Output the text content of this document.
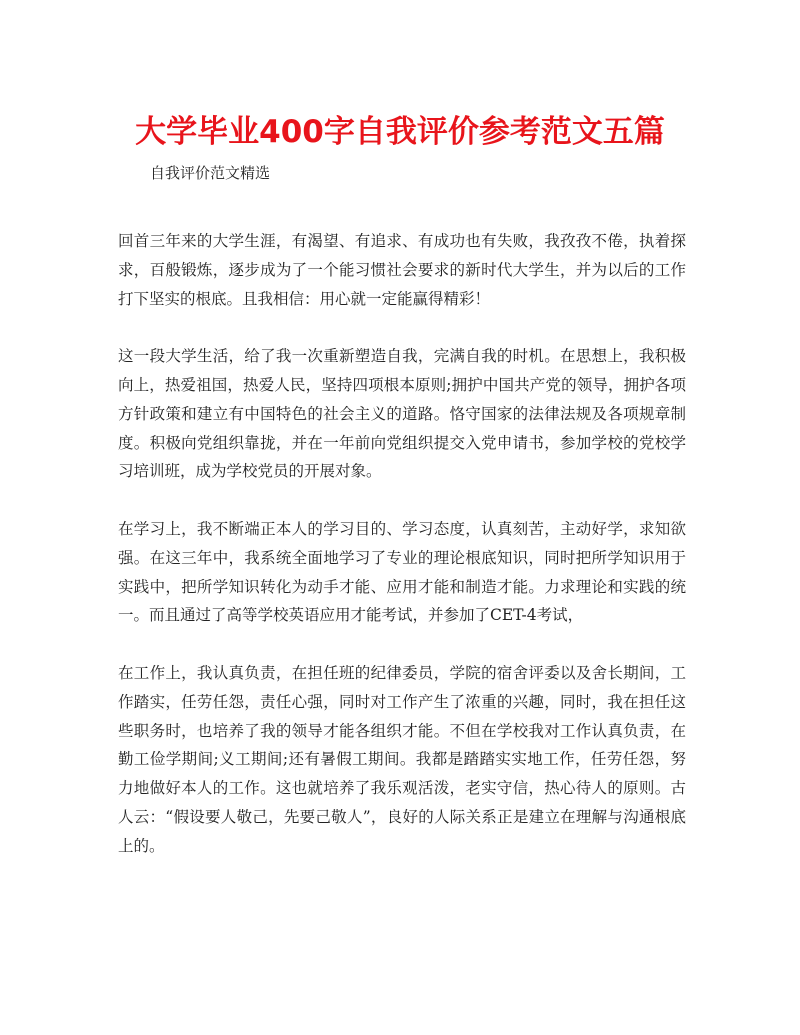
大学毕业400字自我评价参考范文五篇

自我评价范文精选

回首三年来的大学生涯，有渴望、有追求、有成功也有失败，我孜孜不倦，执着探求，百般锻炼，逐步成为了一个能习惯社会要求的新时代大学生，并为以后的工作打下坚实的根底。且我相信：用心就一定能赢得精彩！

这一段大学生活，给了我一次重新塑造自我，完满自我的时机。在思想上，我积极向上，热爱祖国，热爱人民，坚持四项根本原则;拥护中国共产党的领导，拥护各项方针政策和建立有中国特色的社会主义的道路。恪守国家的法律法规及各项规章制度。积极向党组织靠拢，并在一年前向党组织提交入党申请书，参加学校的党校学习培训班，成为学校党员的开展对象。

在学习上，我不断端正本人的学习目的、学习态度，认真刻苦，主动好学，求知欲强。在这三年中，我系统全面地学习了专业的理论根底知识，同时把所学知识用于实践中，把所学知识转化为动手才能、应用才能和制造才能。力求理论和实践的统一。而且通过了高等学校英语应用才能考试，并参加了CET-4考试，

在工作上，我认真负责，在担任班的纪律委员，学院的宿舍评委以及舍长期间，工作踏实，任劳任怨，责任心强，同时对工作产生了浓重的兴趣，同时，我在担任这些职务时，也培养了我的领导才能各组织才能。不但在学校我对工作认真负责，在勤工俭学期间;义工期间;还有暑假工期间。我都是踏踏实实地工作，任劳任怨，努力地做好本人的工作。这也就培养了我乐观活泼，老实守信，热心待人的原则。古人云：“假设要人敬己，先要己敬人”，良好的人际关系正是建立在理解与沟通根底上的。
